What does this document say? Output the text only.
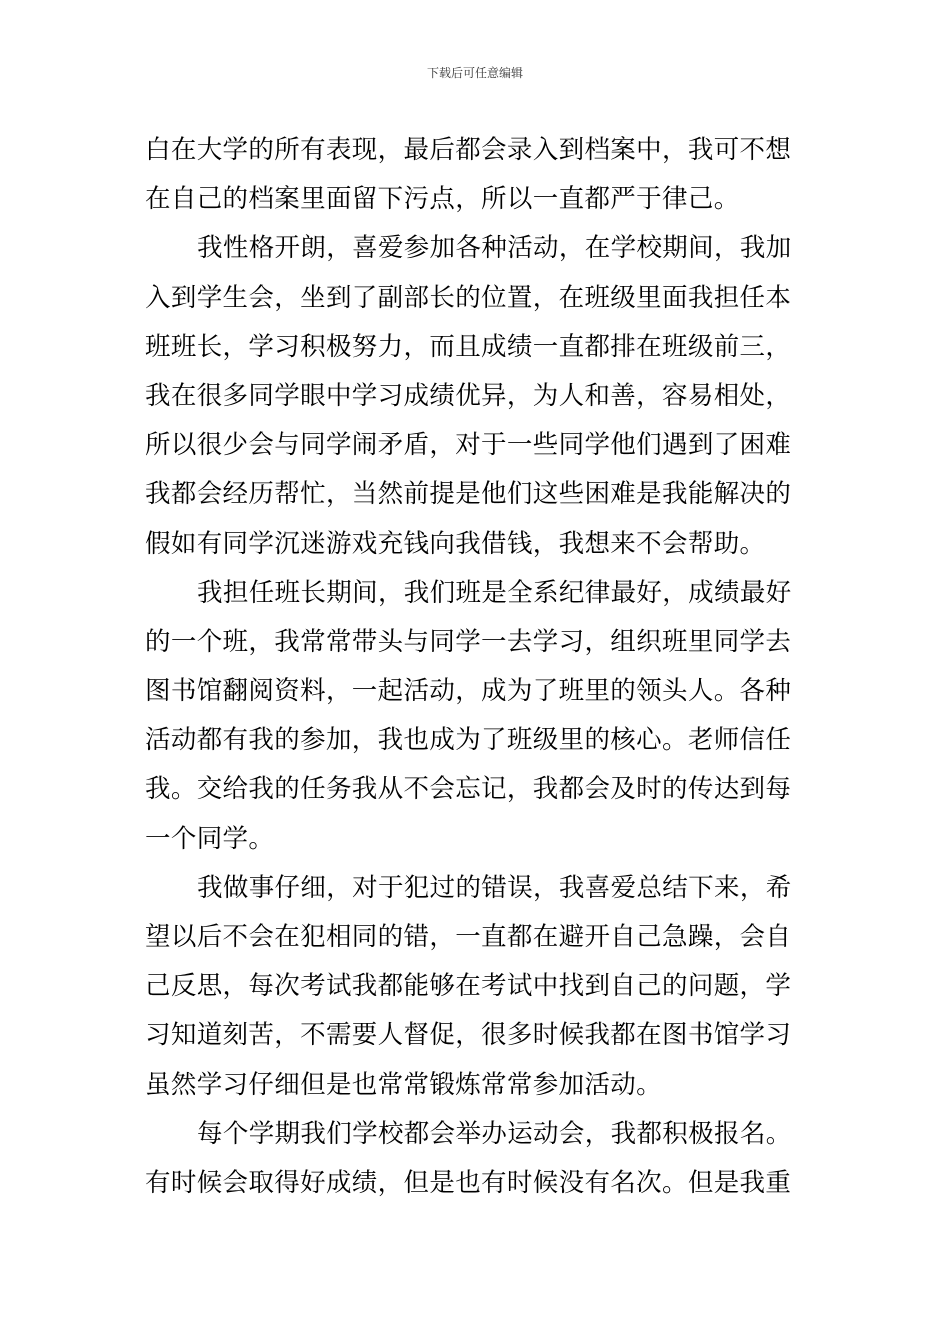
下载后可任意编辑
白在大学的所有表现，最后都会录入到档案中，我可不想
在自己的档案里面留下污点，所以一直都严于律己。
我性格开朗，喜爱参加各种活动，在学校期间，我加
入到学生会，坐到了副部长的位置，在班级里面我担任本
班班长，学习积极努力，而且成绩一直都排在班级前三，
我在很多同学眼中学习成绩优异，为人和善，容易相处，
所以很少会与同学闹矛盾，对于一些同学他们遇到了困难
我都会经历帮忙，当然前提是他们这些困难是我能解决的
假如有同学沉迷游戏充钱向我借钱，我想来不会帮助。
我担任班长期间，我们班是全系纪律最好，成绩最好
的一个班，我常常带头与同学一去学习，组织班里同学去
图书馆翻阅资料，一起活动，成为了班里的领头人。各种
活动都有我的参加，我也成为了班级里的核心。老师信任
我。交给我的任务我从不会忘记，我都会及时的传达到每
一个同学。
我做事仔细，对于犯过的错误，我喜爱总结下来，希
望以后不会在犯相同的错，一直都在避开自己急躁，会自
己反思，每次考试我都能够在考试中找到自己的问题，学
习知道刻苦，不需要人督促，很多时候我都在图书馆学习
虽然学习仔细但是也常常锻炼常常参加活动。
每个学期我们学校都会举办运动会，我都积极报名。
有时候会取得好成绩，但是也有时候没有名次。但是我重
